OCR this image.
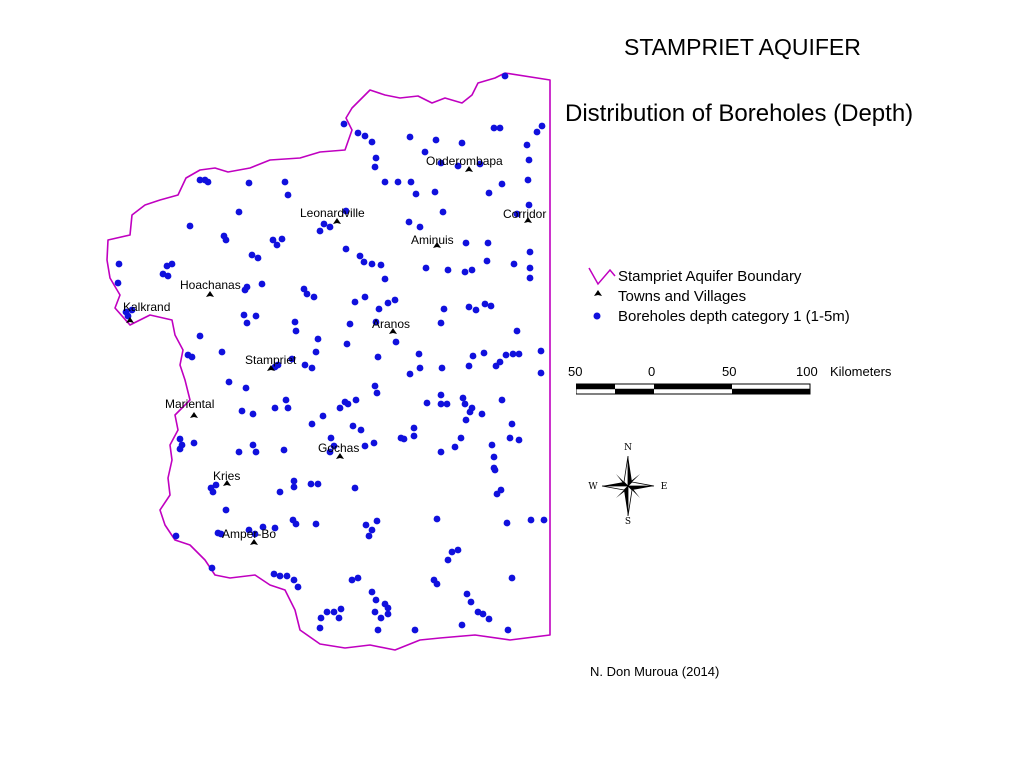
STAMPRIET AQUIFER
Distribution of Boreholes (Depth)
Onderombapa
Leonardville	Corridor
Aminuis
Hoachanas
Kalkrand
Aranos
Stampriet
Mariental
Gochas
Kries
Amper-Bo
Stampriet Aquifer Boundary
Towns and Villages
Boreholes depth category 1 (1-5m)
50	0	50	100 Kilometers
N
S
W	E

N. Don Muroua (2014)
